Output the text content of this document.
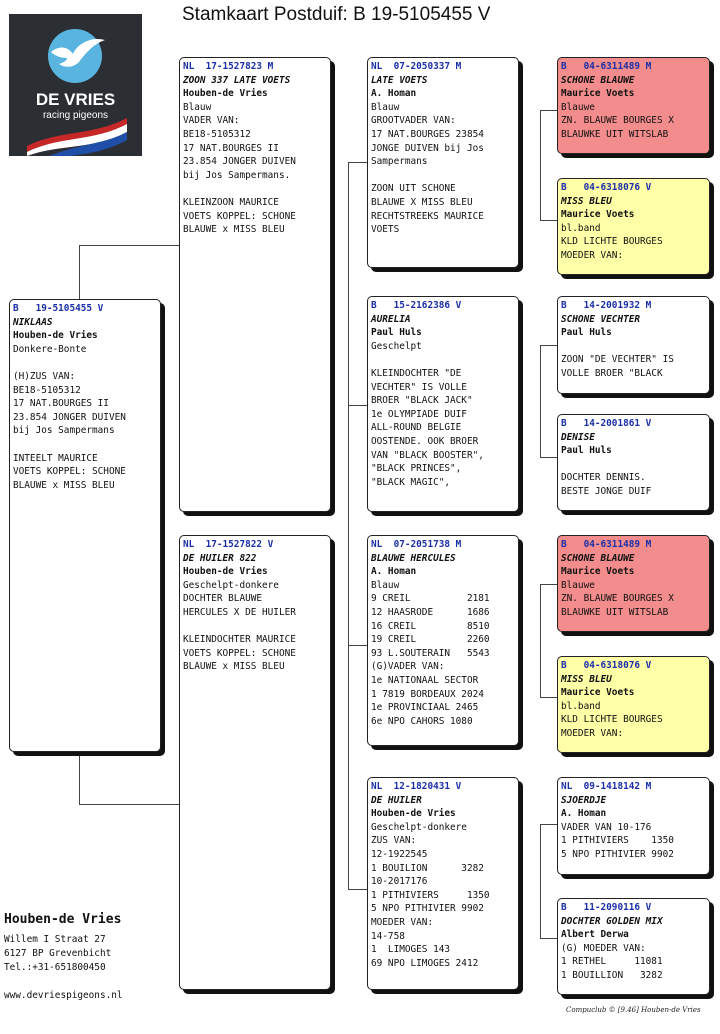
Stamkaart Postduif: B 19-5105455 V
DE VRIES
racing pigeons
B   19-5105455 V
NIKLAAS
Houben-de Vries
Donkere-Bonte

(H)ZUS VAN:
BE18-5105312
17 NAT.BOURGES II
23.854 JONGER DUIVEN
bij Jos Sampermans

INTEELT MAURICE
VOETS KOPPEL: SCHONE
BLAUWE x MISS BLEU
NL  17-1527823 M
ZOON 337 LATE VOETS
Houben-de Vries
Blauw
VADER VAN:
BE18-5105312
17 NAT.BOURGES II
23.854 JONGER DUIVEN
bij Jos Sampermans.

KLEINZOON MAURICE
VOETS KOPPEL: SCHONE
BLAUWE x MISS BLEU
NL  17-1527822 V
DE HUILER 822
Houben-de Vries
Geschelpt-donkere
DOCHTER BLAUWE
HERCULES X DE HUILER

KLEINDOCHTER MAURICE
VOETS KOPPEL: SCHONE
BLAUWE x MISS BLEU
NL  07-2050337 M
LATE VOETS
A. Homan
Blauw
GROOTVADER VAN:
17 NAT.BOURGES 23854
JONGE DUIVEN bij Jos
Sampermans

ZOON UIT SCHONE
BLAUWE X MISS BLEU
RECHTSTREEKS MAURICE
VOETS
B   15-2162386 V
AURELIA
Paul Huls
Geschelpt

KLEINDOCHTER "DE
VECHTER" IS VOLLE
BROER "BLACK JACK"
1e OLYMPIADE DUIF
ALL-ROUND BELGIE
OOSTENDE. OOK BROER
VAN "BLACK BOOSTER",
"BLACK PRINCES",
"BLACK MAGIC",
NL  07-2051738 M
BLAUWE HERCULES
A. Homan
Blauw
9 CREIL          2181
12 HAASRODE      1686
16 CREIL         8510
19 CREIL         2260
93 L.SOUTERAIN   5543
(G)VADER VAN:
1e NATIONAAL SECTOR
1 7819 BORDEAUX 2024
1e PROVINCIAAL 2465
6e NPO CAHORS 1080
NL  12-1820431 V
DE HUILER
Houben-de Vries
Geschelpt-donkere
ZUS VAN:
12-1922545
1 BOUILION      3282
10-2017176
1 PITHIVIERS     1350
5 NPO PITHIVIER 9902
MOEDER VAN:
14-758
1  LIMOGES 143
69 NPO LIMOGES 2412
B   04-6311489 M
SCHONE BLAUWE
Maurice Voets
Blauwe
ZN. BLAUWE BOURGES X
BLAUWKE UIT WITSLAB
B   04-6318076 V
MISS BLEU
Maurice Voets
bl.band
KLD LICHTE BOURGES
MOEDER VAN:
B   14-2001932 M
SCHONE VECHTER
Paul Huls

ZOON "DE VECHTER" IS
VOLLE BROER "BLACK
B   14-2001861 V
DENISE
Paul Huls

DOCHTER DENNIS.
BESTE JONGE DUIF
B   04-6311489 M
SCHONE BLAUWE
Maurice Voets
Blauwe
ZN. BLAUWE BOURGES X
BLAUWKE UIT WITSLAB
B   04-6318076 V
MISS BLEU
Maurice Voets
bl.band
KLD LICHTE BOURGES
MOEDER VAN:
NL  09-1418142 M
SJOERDJE
A. Homan
VADER VAN 10-176
1 PITHIVIERS    1350
5 NPO PITHIVIER 9902
B   11-2090116 V
DOCHTER GOLDEN MIX
Albert Derwa
(G) MOEDER VAN:
1 RETHEL     11081
1 BOUILLION   3282
Houben-de Vries
Willem I Straat 27
6127 BP Grevenbicht
Tel.:+31-651800450
www.devriespigeons.nl
Compuclub © [9.46] Houben-de Vries
